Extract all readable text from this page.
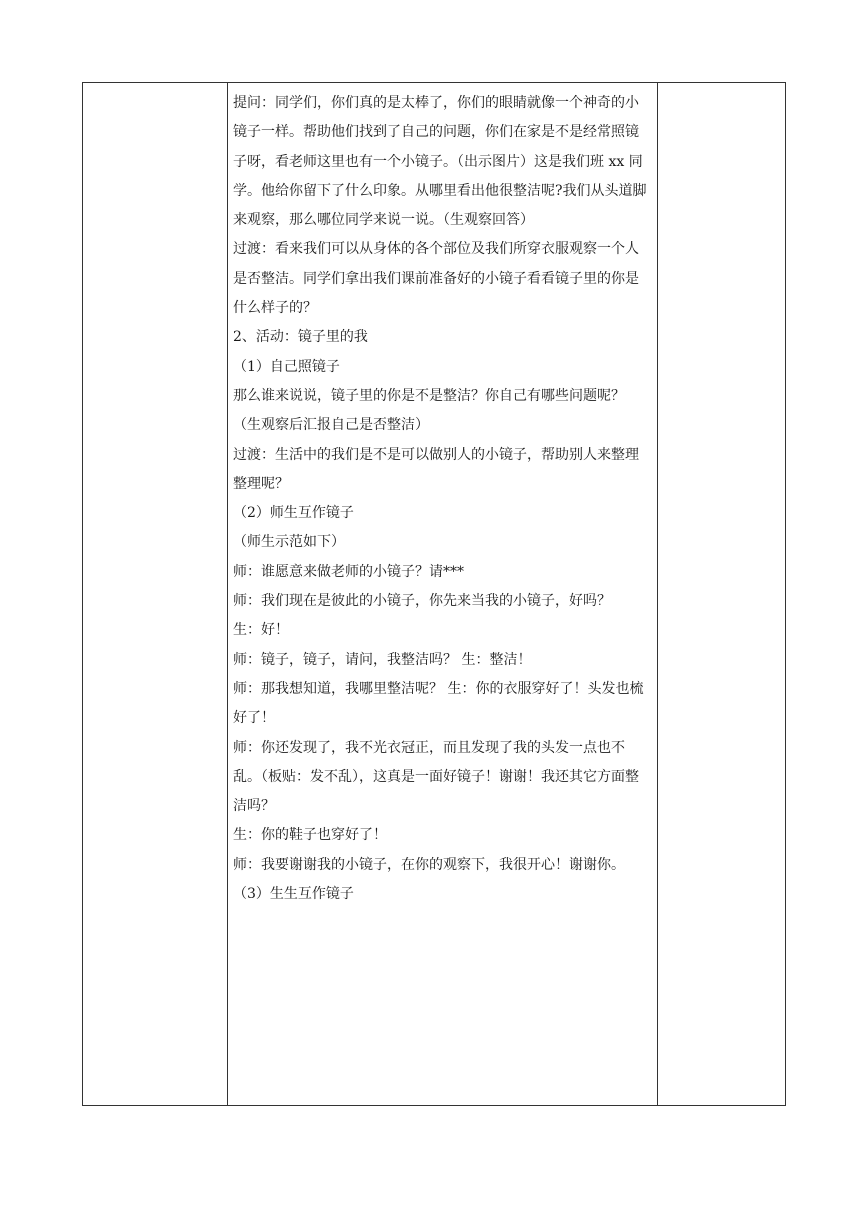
提问：同学们，你们真的是太棒了，你们的眼睛就像一个神奇的小镜子一样。帮助他们找到了自己的问题，你们在家是不是经常照镜子呀，看老师这里也有一个小镜子。（出示图片）这是我们班 xx 同学。他给你留下了什么印象。从哪里看出他很整洁呢?我们从头道脚来观察，那么哪位同学来说一说。（生观察回答）

过渡：看来我们可以从身体的各个部位及我们所穿衣服观察一个人是否整洁。同学们拿出我们课前准备好的小镜子看看镜子里的你是什么样子的？

2、活动：镜子里的我

（1）自己照镜子

那么谁来说说，镜子里的你是不是整洁？你自己有哪些问题呢？（生观察后汇报自己是否整洁）

过渡：生活中的我们是不是可以做别人的小镜子，帮助别人来整理整理呢？

（2）师生互作镜子

（师生示范如下）

师：谁愿意来做老师的小镜子？请***

师：我们现在是彼此的小镜子，你先来当我的小镜子，好吗？

生：好！

师：镜子，镜子，请问，我整洁吗？ 生：整洁！

师：那我想知道，我哪里整洁呢？ 生：你的衣服穿好了！头发也梳好了！

师：你还发现了，我不光衣冠正，而且发现了我的头发一点也不乱。（板贴：发不乱），这真是一面好镜子！谢谢！我还其它方面整洁吗？

生：你的鞋子也穿好了！

师：我要谢谢我的小镜子，在你的观察下，我很开心！谢谢你。

（3）生生互作镜子
